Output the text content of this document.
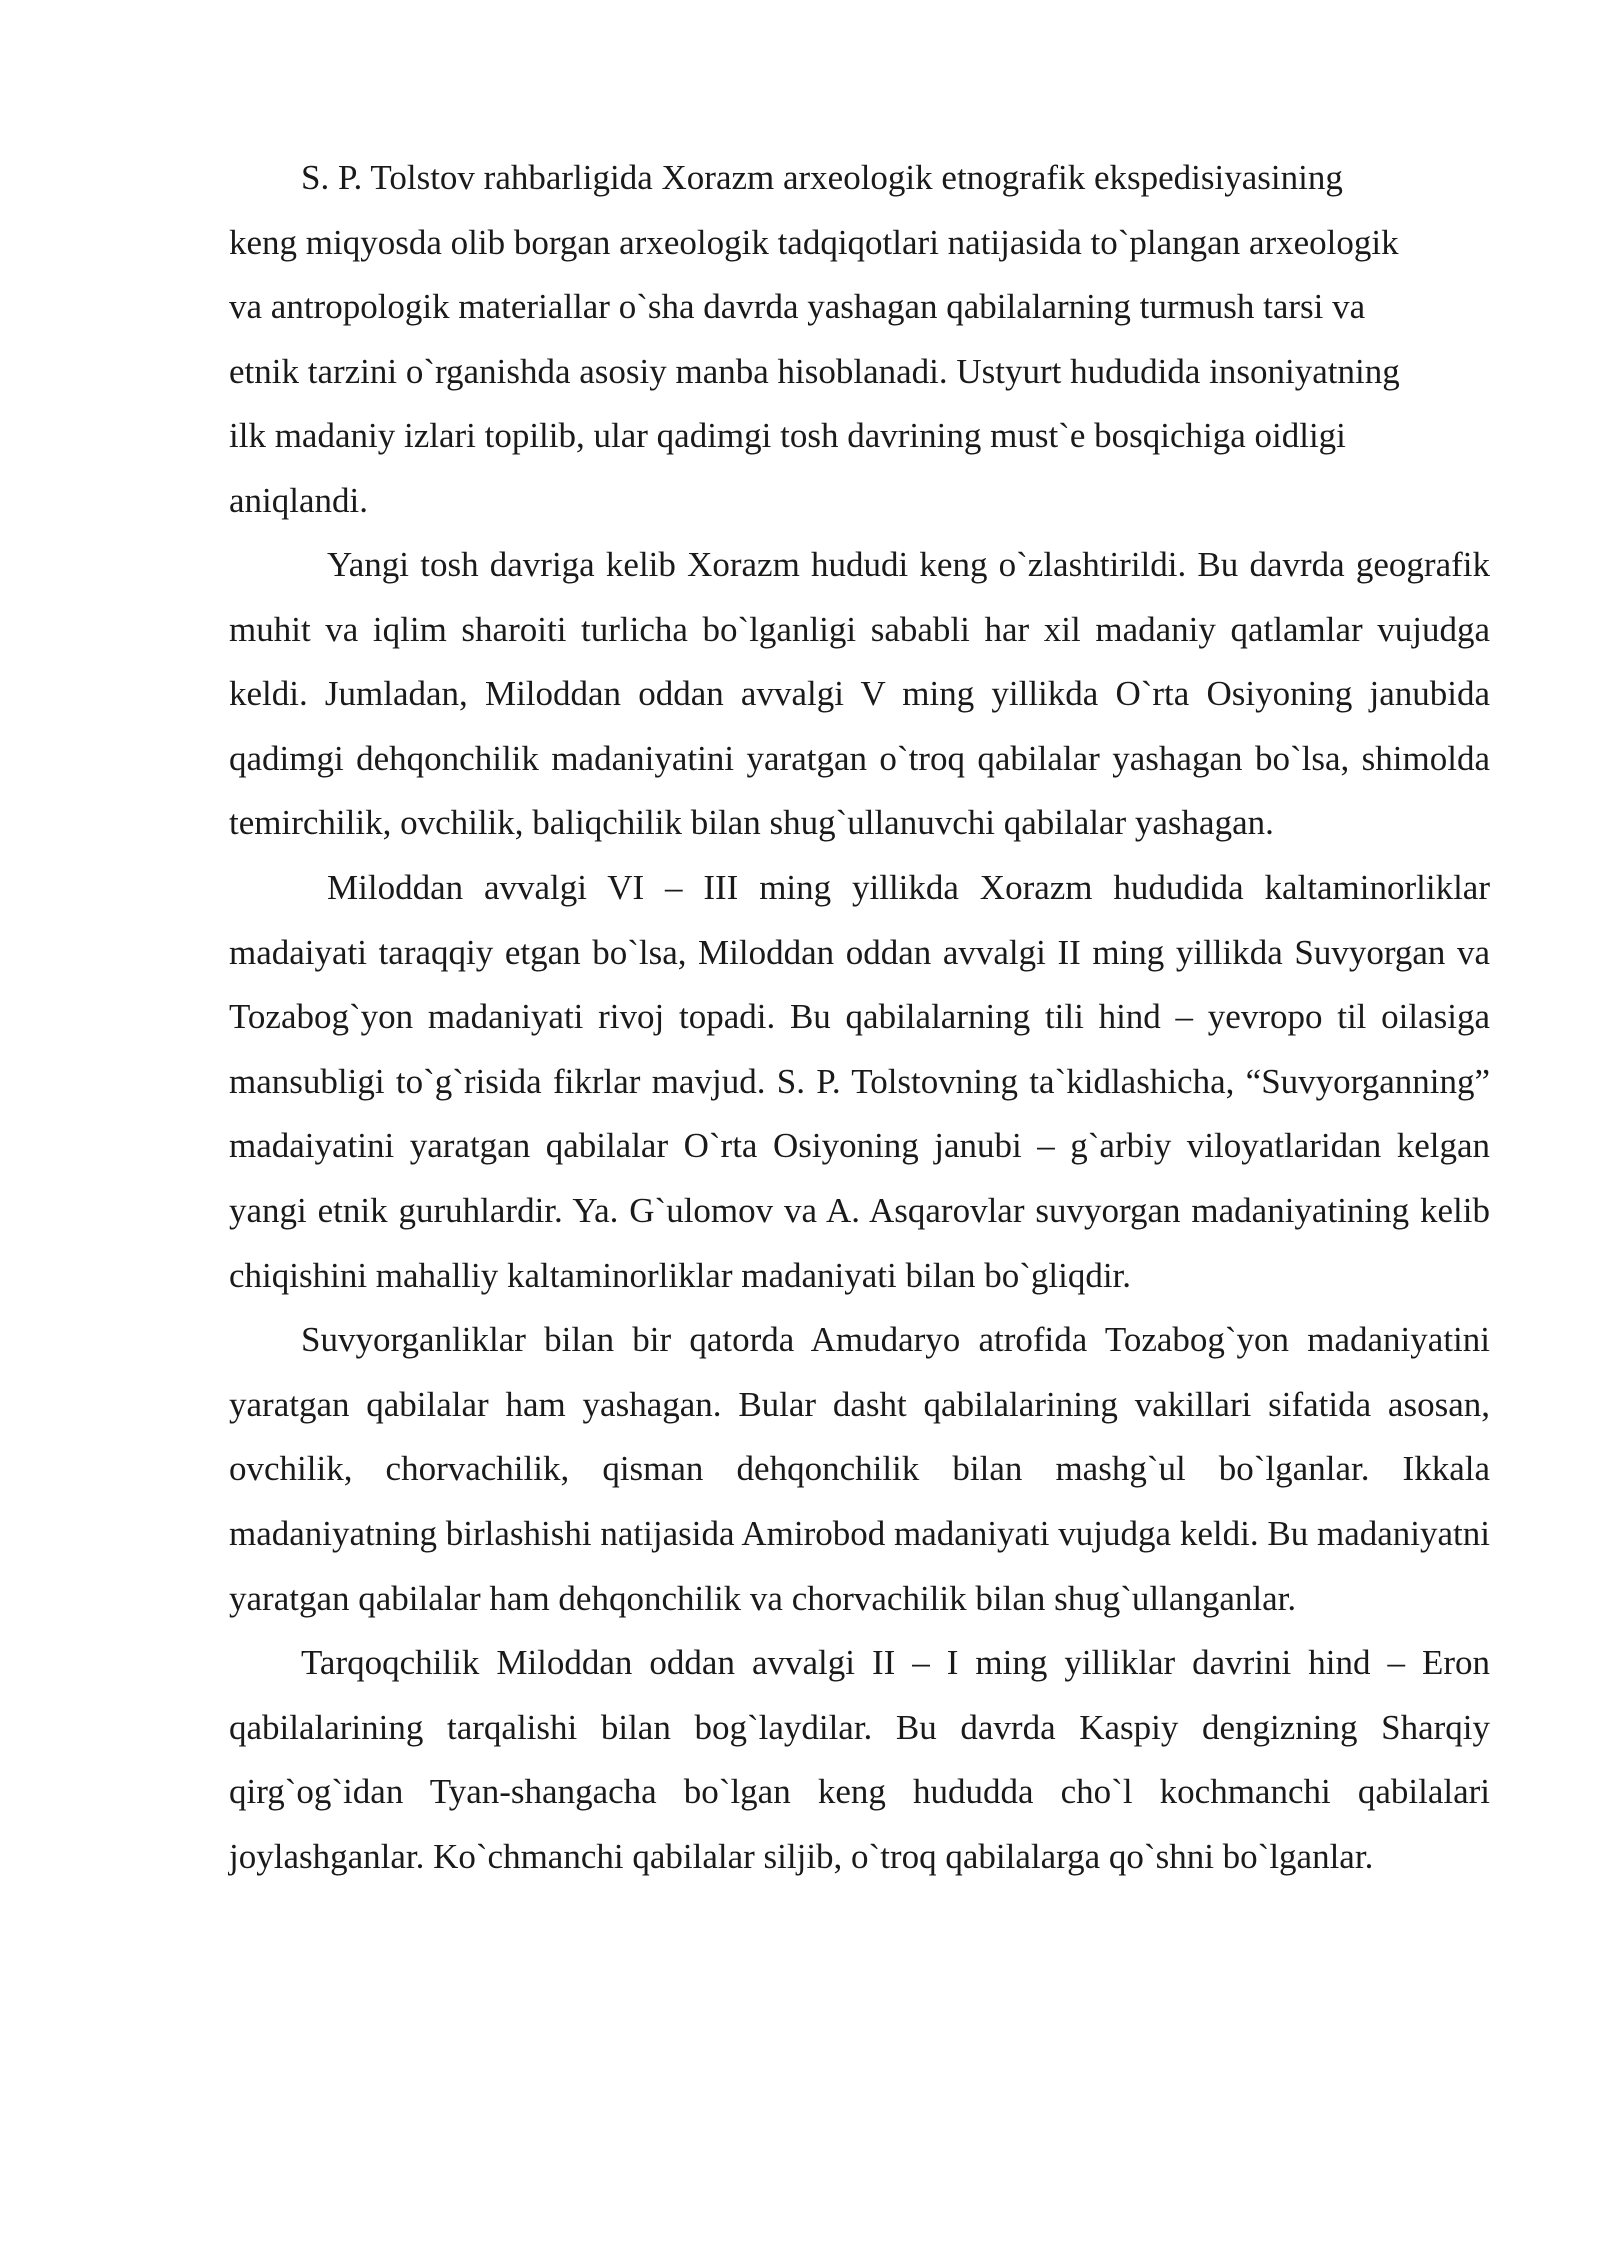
S. P. Tolstov rahbarligida Xorazm arxeologik etnografik ekspedisiyasining keng miqyosda olib borgan arxeologik tadqiqotlari natijasida to`plangan arxeologik va antropologik materiallar o`sha davrda yashagan qabilalarning turmush tarsi va etnik tarzini o`rganishda asosiy manba hisoblanadi. Ustyurt hududida insoniyatning ilk madaniy izlari topilib, ular qadimgi tosh davrining must`e bosqichiga oidligi aniqlandi.

Yangi tosh davriga kelib Xorazm hududi keng o`zlashtirildi. Bu davrda geografik muhit va iqlim sharoiti turlicha bo`lganligi sababli har xil madaniy qatlamlar vujudga keldi. Jumladan, Miloddan oddan avvalgi V ming yillikda O`rta Osiyoning janubida qadimgi dehqonchilik madaniyatini yaratgan o`troq qabilalar yashagan bo`lsa, shimolda temirchilik, ovchilik, baliqchilik bilan shug`ullanuvchi qabilalar yashagan.

Miloddan avvalgi VI – III ming yillikda Xorazm hududida kaltaminorliklar madaiyati taraqqiy etgan bo`lsa, Miloddan oddan avvalgi II ming yillikda Suvyorgan va Tozabog`yon madaniyati rivoj topadi. Bu qabilalarning tili hind – yevropo til oilasiga mansubligi to`g`risida fikrlar mavjud. S. P. Tolstovning ta`kidlashicha, “Suvyorganning” madaiyatini yaratgan qabilalar O`rta Osiyoning janubi – g`arbiy viloyatlaridan kelgan yangi etnik guruhlardir. Ya. G`ulomov va A. Asqarovlar suvyorgan madaniyatining kelib chiqishini mahalliy kaltaminorliklar madaniyati bilan bo`gliqdir.

Suvyorganliklar bilan bir qatorda Amudaryo atrofida Tozabog`yon madaniyatini yaratgan qabilalar ham yashagan. Bular dasht qabilalarining vakillari sifatida asosan, ovchilik, chorvachilik, qisman dehqonchilik bilan mashg`ul bo`lganlar. Ikkala madaniyatning birlashishi natijasida Amirobod madaniyati vujudga keldi. Bu madaniyatni yaratgan qabilalar ham dehqonchilik va chorvachilik bilan shug`ullanganlar.

Tarqoqchilik Miloddan oddan avvalgi II – I ming yilliklar davrini hind – Eron qabilalarining tarqalishi bilan bog`laydilar. Bu davrda Kaspiy dengizning Sharqiy qirg`og`idan Tyan-shangacha bo`lgan keng hududda cho`l kochmanchi qabilalari joylashganlar. Ko`chmanchi qabilalar siljib, o`troq qabilalarga qo`shni bo`lganlar.
